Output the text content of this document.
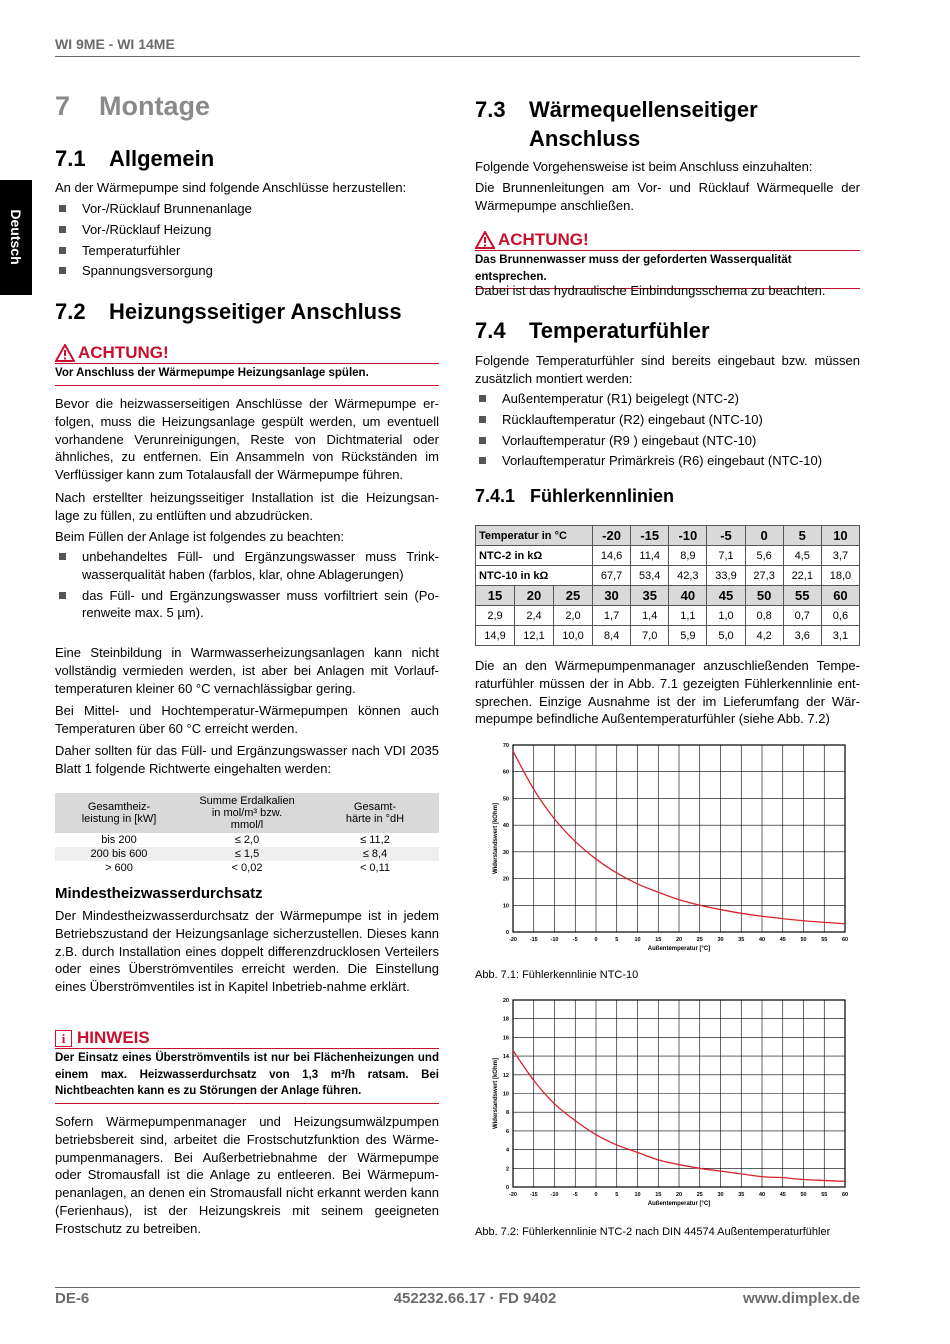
WI 9ME - WI 14ME
Deutsch
7 Montage
7.1 Allgemein
An der Wärmepumpe sind folgende Anschlüsse herzustellen:
Vor-/Rücklauf Brunnenanlage
Vor-/Rücklauf Heizung
Temperaturfühler
Spannungsversorgung
7.2 Heizungsseitiger Anschluss
ACHTUNG!
Vor Anschluss der Wärmepumpe Heizungsanlage spülen.
Bevor die heizwasserseitigen Anschlüsse der Wärmepumpe er-folgen, muss die Heizungsanlage gespült werden, um eventuell vorhandene Verunreinigungen, Reste von Dichtmaterial oder ähnliches, zu entfernen. Ein Ansammeln von Rückständen im Verflüssiger kann zum Totalausfall der Wärmepumpe führen.
Nach erstellter heizungsseitiger Installation ist die Heizungsan-lage zu füllen, zu entlüften und abzudrücken.
Beim Füllen der Anlage ist folgendes zu beachten:
unbehandeltes Füll- und Ergänzungswasser muss Trink-wasserqualität haben (farblos, klar, ohne Ablagerungen)
das Füll- und Ergänzungswasser muss vorfiltriert sein (Po-renweite max. 5 µm).
Eine Steinbildung in Warmwasserheizungsanlagen kann nicht vollständig vermieden werden, ist aber bei Anlagen mit Vorlauf-temperaturen kleiner 60 °C vernachlässigbar gering.
Bei Mittel- und Hochtemperatur-Wärmepumpen können auch Temperaturen über 60 °C erreicht werden.
Daher sollten für das Füll- und Ergänzungswasser nach VDI 2035 Blatt 1 folgende Richtwerte eingehalten werden:
Gesamtheiz-
leistung in [kW]	Summe Erdalkalien
in mol/m³ bzw.
mmol/l	Gesamt-
härte in °dH
bis 200	≤ 2,0	≤ 11,2
200 bis 600	≤ 1,5	≤ 8,4
> 600	< 0,02	< 0,11
Mindestheizwasserdurchsatz
Der Mindestheizwasserdurchsatz der Wärmepumpe ist in jedem Betriebszustand der Heizungsanlage sicherzustellen. Dieses kann z.B. durch Installation eines doppelt differenzdrucklosen Verteilers oder eines Überströmventiles erreicht werden. Die Einstellung eines Überströmventiles ist in Kapitel Inbetrieb-nahme erklärt.
i HINWEIS
Der Einsatz eines Überströmventils ist nur bei Flächenheizungen und einem max. Heizwasserdurchsatz von 1,3 m³/h ratsam. Bei Nichtbeachten kann es zu Störungen der Anlage führen.
Sofern Wärmepumpenmanager und Heizungsumwälzpumpen betriebsbereit sind, arbeitet die Frostschutzfunktion des Wärme-pumpenmanagers. Bei Außerbetriebnahme der Wärmepumpe oder Stromausfall ist die Anlage zu entleeren. Bei Wärmepum-penanlagen, an denen ein Stromausfall nicht erkannt werden kann (Ferienhaus), ist der Heizungskreis mit seinem geeigneten Frostschutz zu betreiben.
7.3 Wärmequellenseitiger Anschluss
Folgende Vorgehensweise ist beim Anschluss einzuhalten:
Die Brunnenleitungen am Vor- und Rücklauf Wärmequelle der Wärmepumpe anschließen.
ACHTUNG!
Das Brunnenwasser muss der geforderten Wasserqualität entsprechen.
Dabei ist das hydraulische Einbindungsschema zu beachten.
7.4 Temperaturfühler
Folgende Temperaturfühler sind bereits eingebaut bzw. müssen zusätzlich montiert werden:
Außentemperatur (R1) beigelegt (NTC-2)
Rücklauftemperatur (R2) eingebaut (NTC-10)
Vorlauftemperatur (R9 ) eingebaut (NTC-10)
Vorlauftemperatur Primärkreis (R6) eingebaut (NTC-10)
7.4.1   Fühlerkennlinien
Temperatur in °C			-20	-15	-10	-5	0	5	10
NTC-2 in kΩ			14,6	11,4	8,9	7,1	5,6	4,5	3,7
NTC-10 in kΩ			67,7	53,4	42,3	33,9	27,3	22,1	18,0
15	20	25	30	35	40	45	50	55	60
2,9	2,4	2,0	1,7	1,4	1,1	1,0	0,8	0,7	0,6
14,9	12,1	10,0	8,4	7,0	5,9	5,0	4,2	3,6	3,1
Die an den Wärmepumpenmanager anzuschließenden Tempe-raturfühler müssen der in Abb. 7.1 gezeigten Fühlerkennlinie ent-sprechen. Einzige Ausnahme ist der im Lieferumfang der Wär-mepumpe befindliche Außentemperaturfühler (siehe Abb. 7.2)
-20 -15 -10	-5	0	5	10	15	20	25	30	35	40	45	50	55	60
0
10
20
30
40
50
60
70
Außentemperatur [°C]
Widerstandswert [kOhm]
Abb. 7.1: Fühlerkennlinie NTC-10
-20 -15 -10	-5	0	5	10	15	20	25	30	35	40	45	50	55	60
0
2
4
6
8
10
12
14
16
18
20
Außentemperatur [°C]
Widerstandswert [kOhm]
Abb. 7.2: Fühlerkennlinie NTC-2 nach DIN 44574 Außentemperaturfühler
DE-6	452232.66.17 · FD 9402	www.dimplex.de
